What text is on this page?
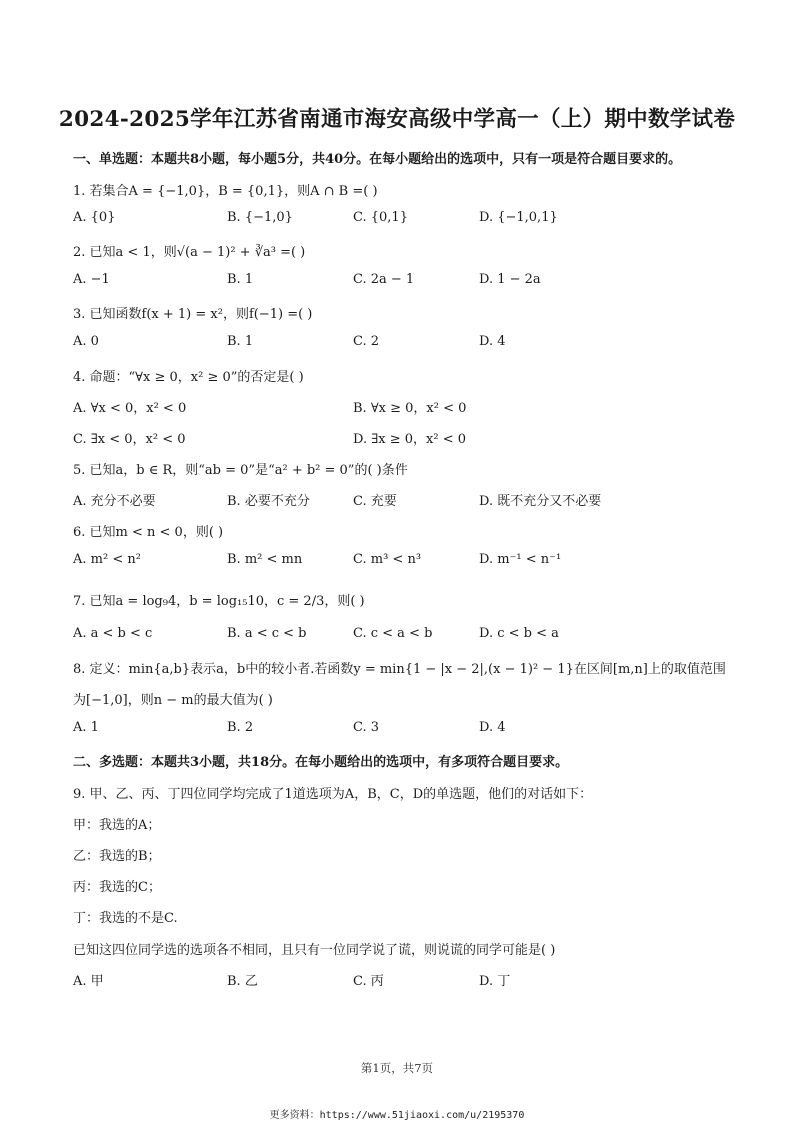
2024-2025学年江苏省南通市海安高级中学高一（上）期中数学试卷
一、单选题：本题共8小题，每小题5分，共40分。在每小题给出的选项中，只有一项是符合题目要求的。
1. 若集合A = {−1,0}，B = {0,1}，则A ∩ B =( )
A. {0}	B. {−1,0}	C. {0,1}	D. {−1,0,1}
2. 已知a < 1，则√(a − 1)² + ∛a³ =( )
A. −1	B. 1	C. 2a − 1	D. 1 − 2a
3. 已知函数f(x + 1) = x²，则f(−1) =( )
A. 0	B. 1	C. 2	D. 4
4. 命题：“∀x ≥ 0，x² ≥ 0”的否定是( )
A. ∀x < 0，x² < 0	B. ∀x ≥ 0，x² < 0
C. ∃x < 0，x² < 0	D. ∃x ≥ 0，x² < 0
5. 已知a，b ∈ R，则“ab = 0”是“a² + b² = 0”的( )条件
A. 充分不必要	B. 必要不充分	C. 充要	D. 既不充分又不必要
6. 已知m < n < 0，则( )
A. m² < n²	B. m² < mn	C. m³ < n³	D. m⁻¹ < n⁻¹
7. 已知a = log₉4，b = log₁₅10，c = 2/3，则( )
A. a < b < c	B. a < c < b	C. c < a < b	D. c < b < a
8. 定义：min{a,b}表示a，b中的较小者.若函数y = min{1 − |x − 2|,(x − 1)² − 1}在区间[m,n]上的取值范围
为[−1,0]，则n − m的最大值为( )
A. 1	B. 2	C. 3	D. 4
二、多选题：本题共3小题，共18分。在每小题给出的选项中，有多项符合题目要求。
9. 甲、乙、丙、丁四位同学均完成了1道选项为A，B，C，D的单选题，他们的对话如下：
甲：我选的A；
乙：我选的B；
丙：我选的C；
丁：我选的不是C.
已知这四位同学选的选项各不相同，且只有一位同学说了谎，则说谎的同学可能是( )
A. 甲	B. 乙	C. 丙	D. 丁
第1页，共7页
更多资料：https://www.51jiaoxi.com/u/2195370
